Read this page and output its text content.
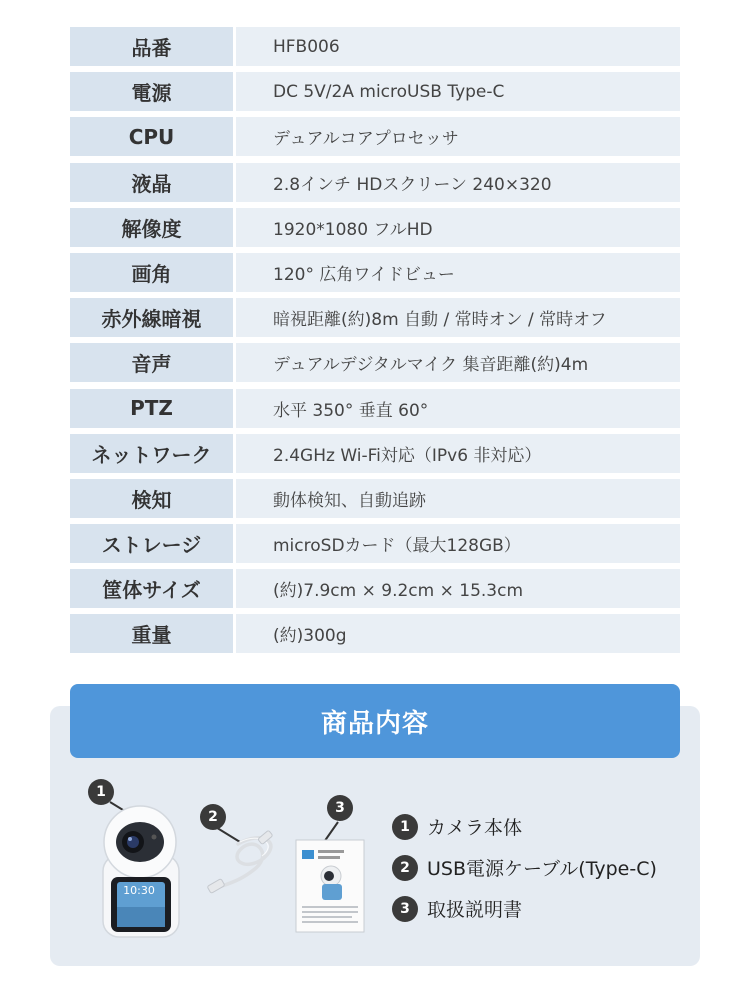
品番	HFB006
電源	DC 5V/2A microUSB Type-C
CPU	デュアルコアプロセッサ
液晶	2.8インチ HDスクリーン 240×320
解像度	1920*1080 フルHD
画角	120° 広角ワイドビュー
赤外線暗視	暗視距離(約)8m 自動 / 常時オン / 常時オフ
音声	デュアルデジタルマイク 集音距離(約)4m
PTZ	水平 350° 垂直 60°
ネットワーク	2.4GHz Wi-Fi対応（IPv6 非対応）
検知	動体検知、自動追跡
ストレージ	microSDカード（最大128GB）
筐体サイズ	(約)7.9cm × 9.2cm × 15.3cm
重量	(約)300g
商品内容
10:30
1
2
3
1 カメラ本体
2 USB電源ケーブル(Type-C)
3 取扱説明書
